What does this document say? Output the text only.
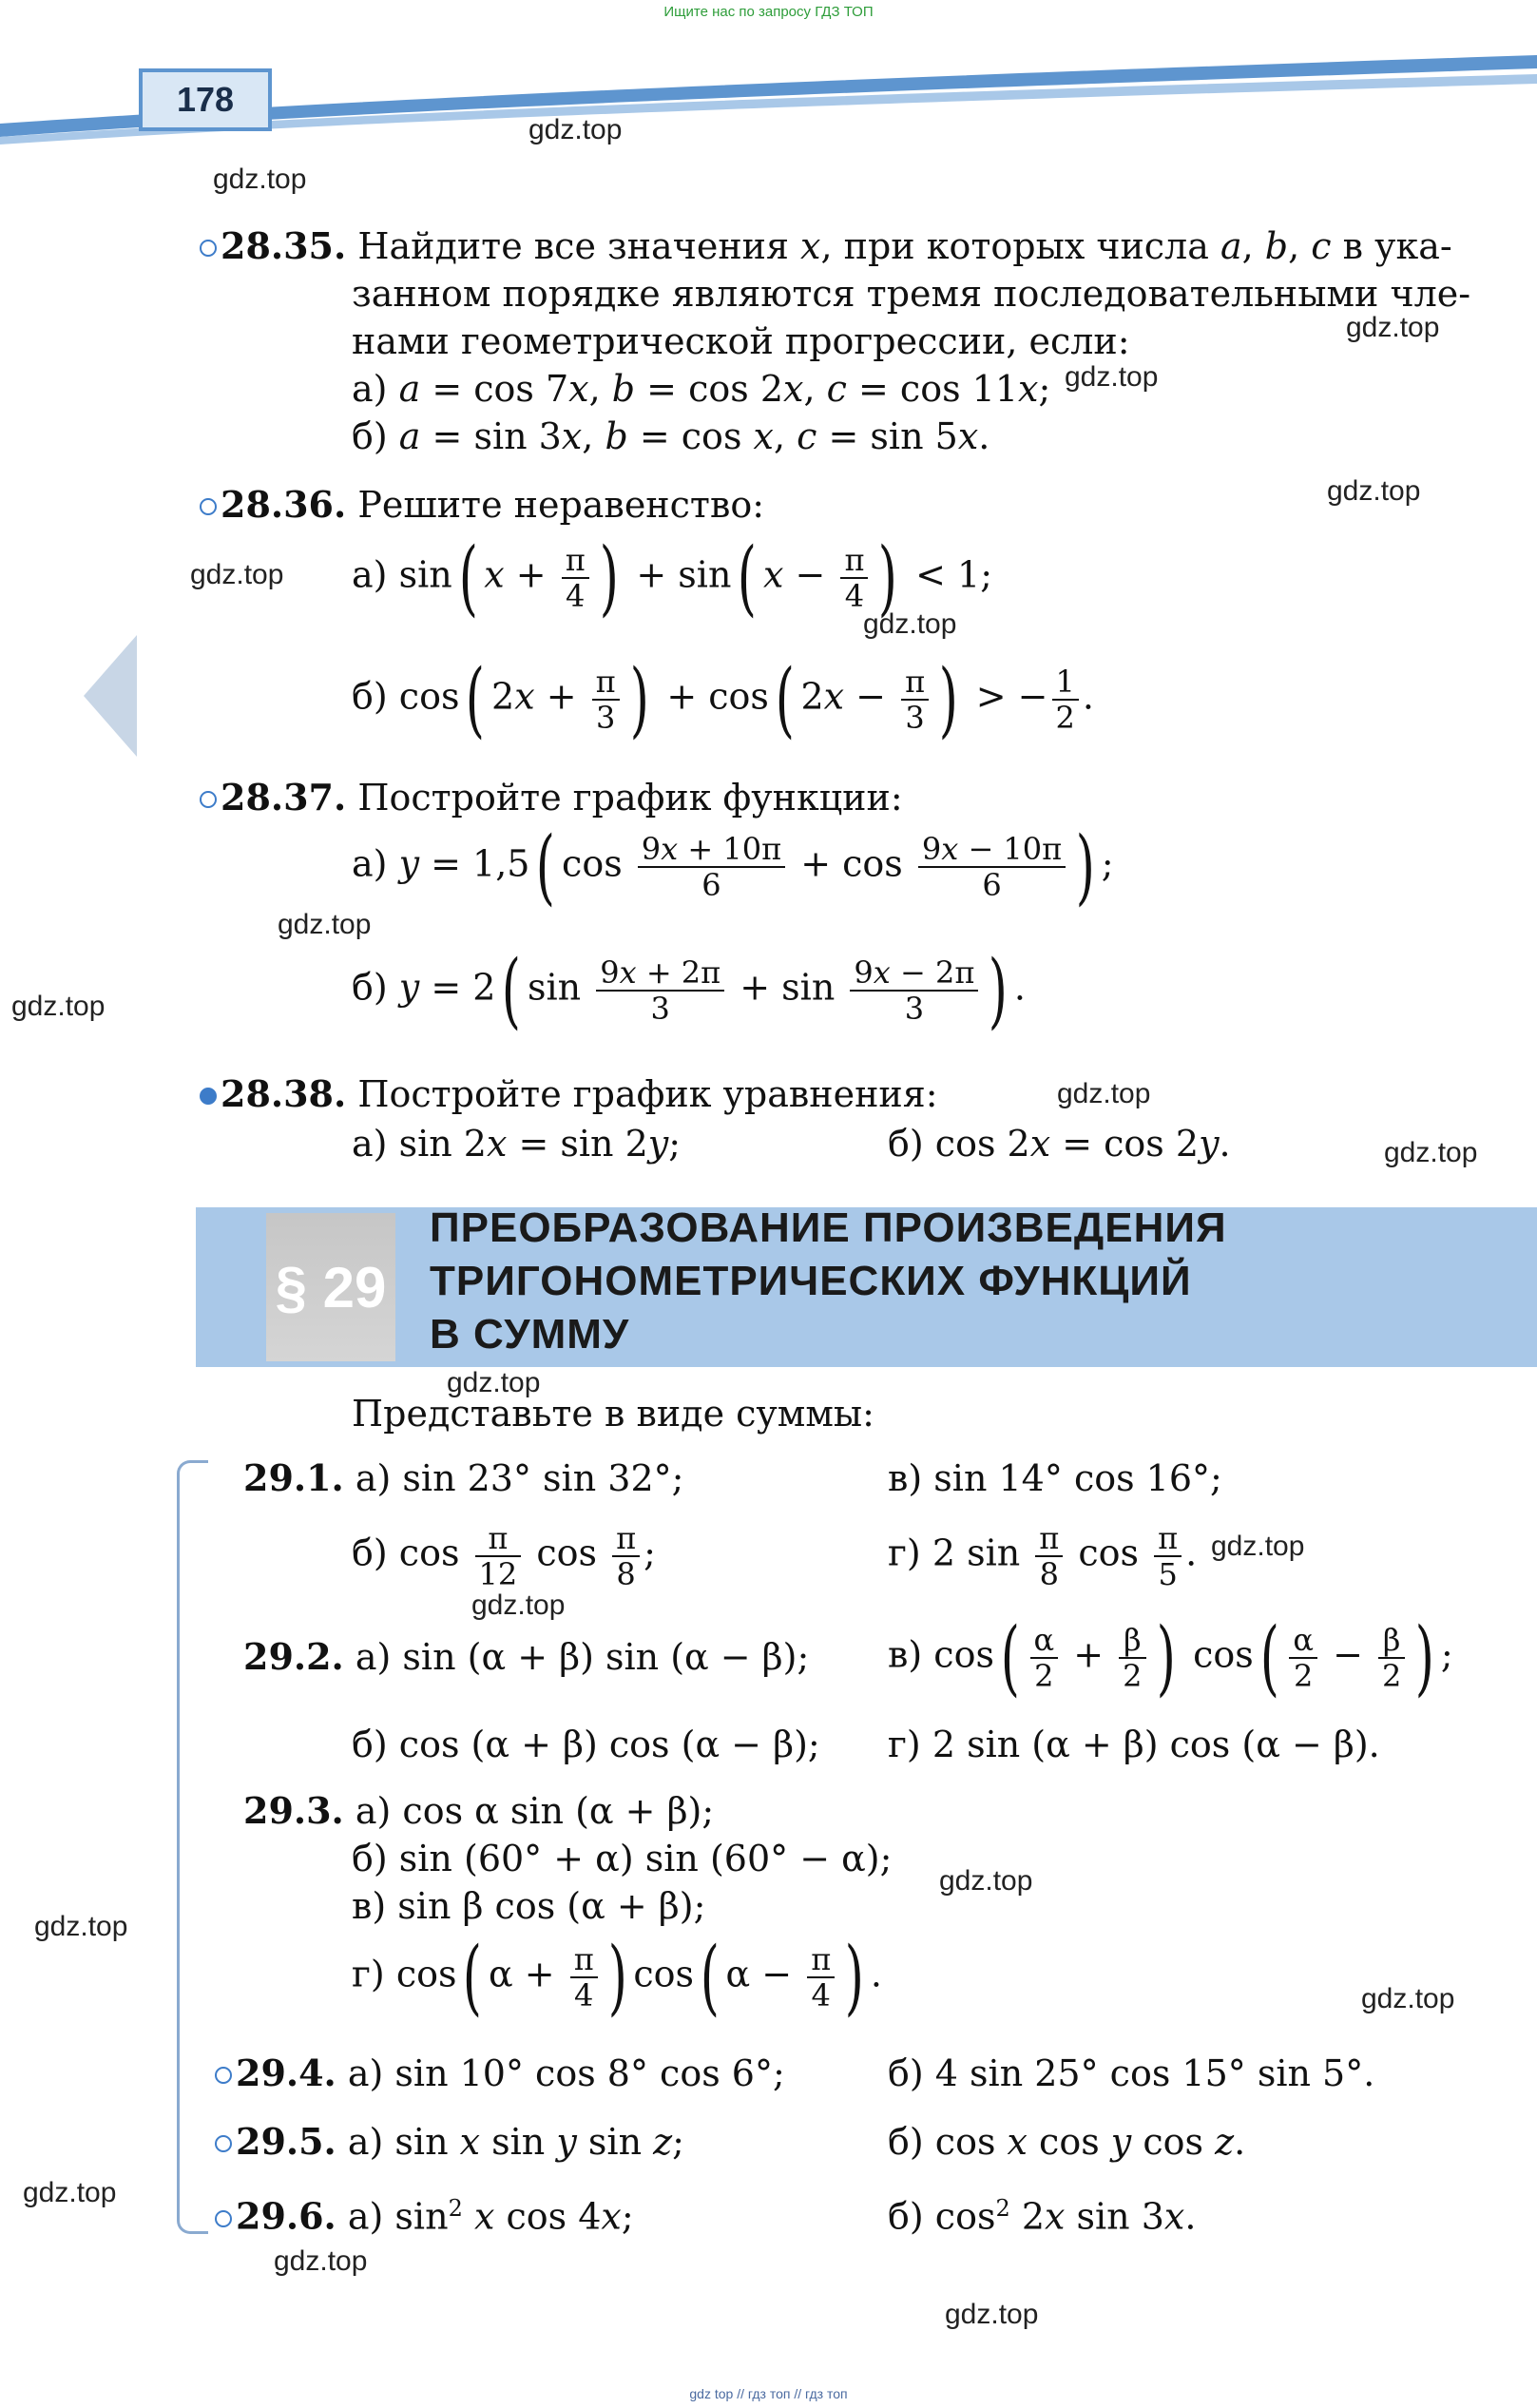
Ищите нас по запросу ГДЗ ТОП
178
gdz.top
gdz.top
gdz.top
gdz.top
gdz.top
gdz.top
gdz.top
gdz.top
gdz.top
gdz.top
gdz.top
gdz.top
gdz.top
gdz.top
gdz.top
gdz.top
gdz.top
gdz.top
gdz.top
gdz.top
28.35. Найдите все значения x, при которых числа a, b, c в ука-
занном порядке являются тремя последовательными чле-
нами геометрической прогрессии, если:
а) a = cos 7x, b = cos 2x, c = cos 11x;
б) a = sin 3x, b = cos x, c = sin 5x.
28.36. Решите неравенство:
а) sin( $x + \frac{\pi}{4}$ ) + sin( $x - \frac{\pi}{4}$ ) < 1;
б) cos( $2x + \frac{\pi}{3}$ ) + cos( $2x - \frac{\pi}{3}$ ) > − $\frac{1}{2}$ .
28.37. Постройте график функции:
а) y = 1,5( $\cos \frac{9x + 10\pi}{6} + \cos \frac{9x - 10\pi}{6}$ ) ;
б) y = 2( $\sin \frac{9x + 2\pi}{3} + \sin \frac{9x - 2\pi}{3}$ ) .
28.38. Постройте график уравнения:
а) sin 2x = sin 2y;	б) cos 2x = cos 2y.
§ 29
ПРЕОБРАЗОВАНИЕ ПРОИЗВЕДЕНИЯ
ТРИГОНОМЕТРИЧЕСКИХ ФУНКЦИЙ
В СУММУ
Представьте в виде суммы:
29.1. а) sin 23° sin 32°;	в) sin 14° cos 16°;
б) $\cos \frac{\pi}{12}$ $\cos \frac{\pi}{8}$ ;	г) 2 $\sin \frac{\pi}{8}$ $\cos \frac{\pi}{5}$ .
29.2. а) sin (α + β) sin (α − β); в) $\cos( \frac{\alpha}{2} + \frac{\beta}{2}$ ) $\cos( \frac{\alpha}{2} - \frac{\beta}{2}$ ) ;
б) cos (α + β) cos (α − β); г) 2 sin (α + β) cos (α − β).
29.3. а) cos α sin (α + β);
б) sin (60° + α) sin (60° − α);
в) sin β cos (α + β);
г) cos( $\alpha + \frac{\pi}{4}$ ) cos( $\alpha - \frac{\pi}{4}$ ) .
29.4. а) sin 10° cos 8° cos 6°;	б) 4 sin 25° cos 15° sin 5°.
29.5. а) sin x sin y sin z;	б) cos x cos y cos z.
29.6. а) $\sin^2 x$ cos 4x;	б) $\cos^2 2x$ sin 3x.
gdz top // гдз топ // гдз топ
